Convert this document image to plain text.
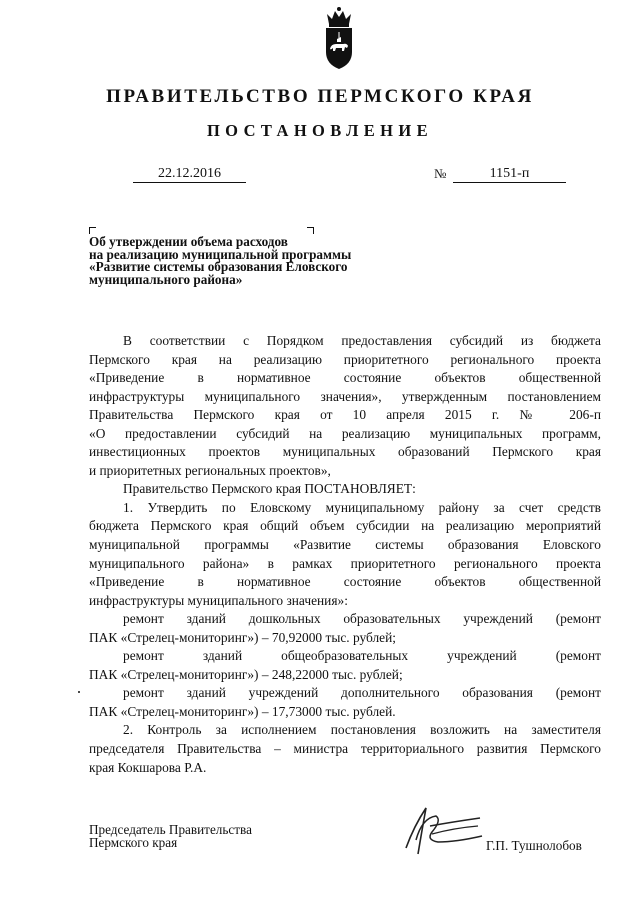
ПРАВИТЕЛЬСТВО ПЕРМСКОГО КРАЯ
ПОСТАНОВЛЕНИЕ
22.12.2016	№	1151-п
Об утверждении объема расходов
на реализацию муниципальной программы
«Развитие системы образования Еловского
муниципального района»
В соответствии с Порядком предоставления субсидий из бюджета
Пермского края на реализацию приоритетного регионального проекта
«Приведение в нормативное состояние объектов общественной
инфраструктуры муниципального значения», утвержденным постановлением
Правительства Пермского края от 10 апреля 2015 г. № 206-п
«О предоставлении субсидий на реализацию муниципальных программ,
инвестиционных проектов муниципальных образований Пермского края
и приоритетных региональных проектов»,
Правительство Пермского края ПОСТАНОВЛЯЕТ:
1. Утвердить по Еловскому муниципальному району за счет средств
бюджета Пермского края общий объем субсидии на реализацию мероприятий
муниципальной программы «Развитие системы образования Еловского
муниципального района» в рамках приоритетного регионального проекта
«Приведение в нормативное состояние объектов общественной
инфраструктуры муниципального значения»:
ремонт зданий дошкольных образовательных учреждений (ремонт
ПАК «Стрелец-мониторинг») – 70,92000 тыс. рублей;
ремонт зданий общеобразовательных учреждений (ремонт
ПАК «Стрелец-мониторинг») – 248,22000 тыс. рублей;
ремонт зданий учреждений дополнительного образования (ремонт
ПАК «Стрелец-мониторинг») – 17,73000 тыс. рублей.
2. Контроль за исполнением постановления возложить на заместителя
председателя Правительства – министра территориального развития Пермского
края Кокшарова Р.А.
Председатель Правительства
Пермского края	Г.П. Тушнолобов
